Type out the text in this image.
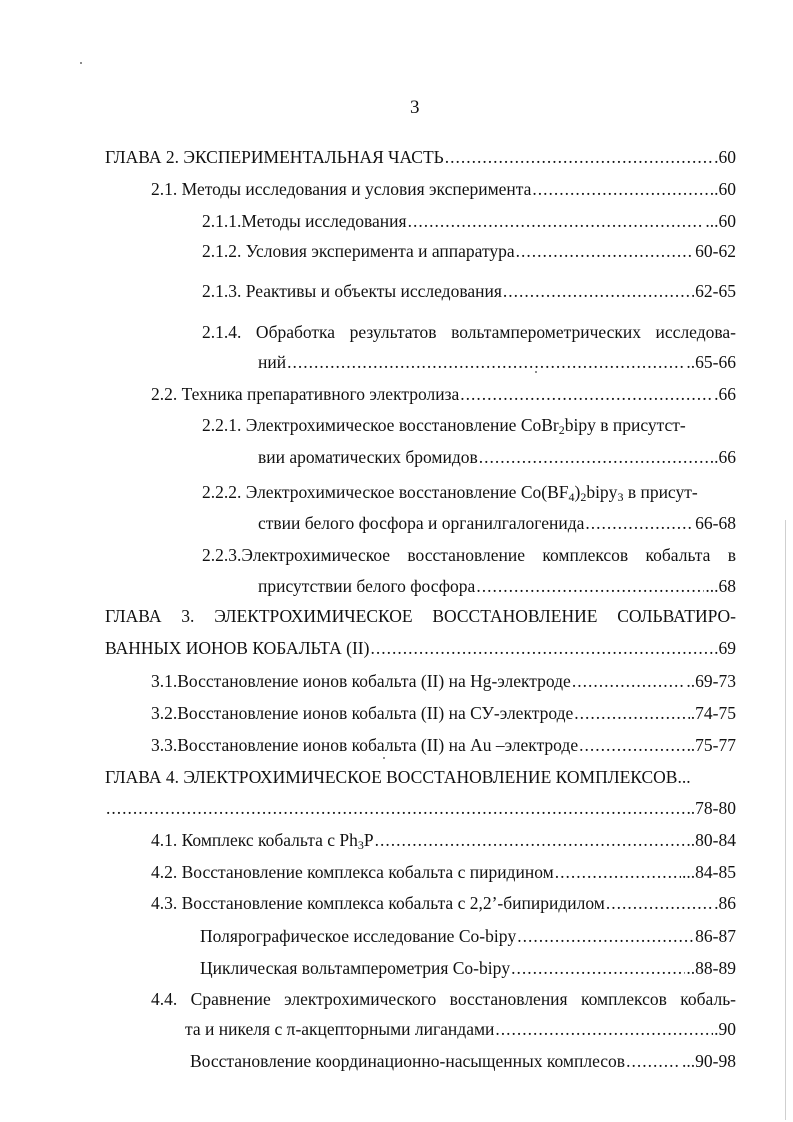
3
ГЛАВА 2. ЭКСПЕРИМЕНТАЛЬНАЯ ЧАСТЬ .....	.60
2.1. Методы исследования и условия эксперимента .....	.60
2.1.1.Методы исследования .....	...60
2.1.2. Условия эксперимента и аппаратура .....	60-62
2.1.3. Реактивы и объекты исследования .....	62-65
2.1.4. Обработка результатов вольтамперометрических исследова-
ний .....	..65-66
2.2. Техника препаративного электролиза .....	.66
2.2.1. Электрохимическое восстановление CoBr$_2$bipy в присутст-
вии ароматических бромидов .....	..66
2.2.2. Электрохимическое восстановление $Co(BF_4)_2bipy_3$ в присут-
ствии белого фосфора и органилгалогенида .....	66-68
2.2.3.Электрохимическое восстановление комплексов кобальта в
присутствии белого фосфора .....	...68
ГЛАВА 3. ЭЛЕКТРОХИМИЧЕСКОЕ ВОССТАНОВЛЕНИЕ СОЛЬВАТИРО-
ВАННЫХ ИОНОВ КОБАЛЬТА (II) .....	.69
3.1.Восстановление ионов кобальта (II) на Hg-электроде .....	..69-73
3.2.Восстановление ионов кобальта (II) на СУ-электроде .....	.74-75
3.3.Восстановление ионов кобальта (II) на Au –электроде .....	.75-77
ГЛАВА 4. ЭЛЕКТРОХИМИЧЕСКОЕ ВОССТАНОВЛЕНИЕ КОМПЛЕКСОВ...
.....
.78-80
4.1. Комплекс кобальта с $Ph_3P$ .....	.80-84
4.2. Восстановление комплекса кобальта с пиридином .....	...84-85
4.3. Восстановление комплекса кобальта с 2,2’-бипиридилом .....	.86
Полярографическое исследование Co-bipy .....	86-87
Циклическая вольтамперометрия Co-bipy .....	..88-89
4.4. Сравнение электрохимического восстановления комплексов кобаль-
та и никеля с π-акцепторными лигандами .....	.90
Восстановление координационно-насыщенных комплесов .....	...90-98
